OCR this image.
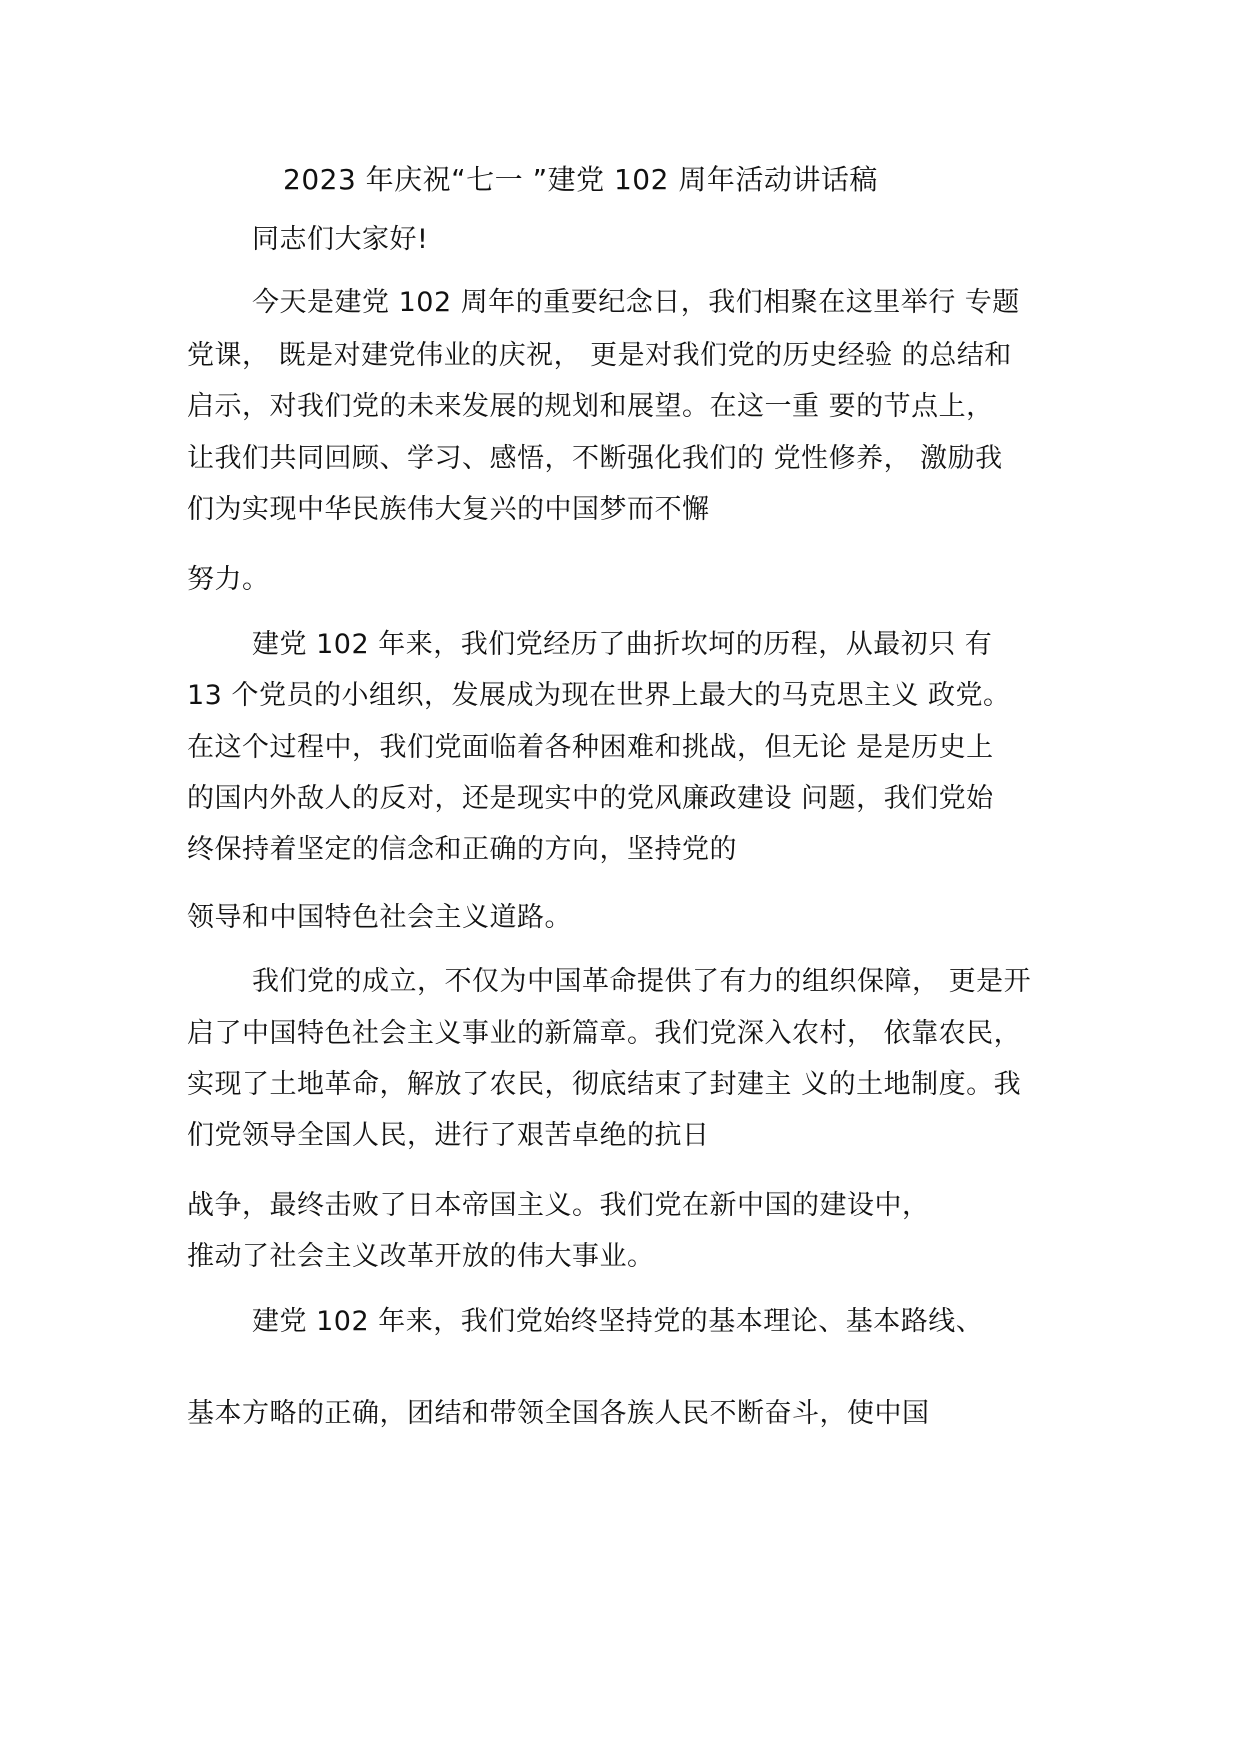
2023 年庆祝“七一 ”建党 102 周年活动讲话稿
同志们大家好!
今天是建党 102 周年的重要纪念日，我们相聚在这里举行 专题
党课， 既是对建党伟业的庆祝， 更是对我们党的历史经验 的总结和
启示，对我们党的未来发展的规划和展望。在这一重 要的节点上，
让我们共同回顾、学习、感悟，不断强化我们的 党性修养， 激励我
们为实现中华民族伟大复兴的中国梦而不懈
努力。
建党 102 年来，我们党经历了曲折坎坷的历程，从最初只 有
13 个党员的小组织，发展成为现在世界上最大的马克思主义 政党。
在这个过程中，我们党面临着各种困难和挑战，但无论 是是历史上
的国内外敌人的反对，还是现实中的党风廉政建设 问题，我们党始
终保持着坚定的信念和正确的方向，坚持党的
领导和中国特色社会主义道路。
我们党的成立，不仅为中国革命提供了有力的组织保障， 更是开
启了中国特色社会主义事业的新篇章。我们党深入农村， 依靠农民，
实现了土地革命，解放了农民，彻底结束了封建主 义的土地制度。我
们党领导全国人民，进行了艰苦卓绝的抗日
战争，最终击败了日本帝国主义。我们党在新中国的建设中，
推动了社会主义改革开放的伟大事业。
建党 102 年来，我们党始终坚持党的基本理论、基本路线、
基本方略的正确，团结和带领全国各族人民不断奋斗，使中国
